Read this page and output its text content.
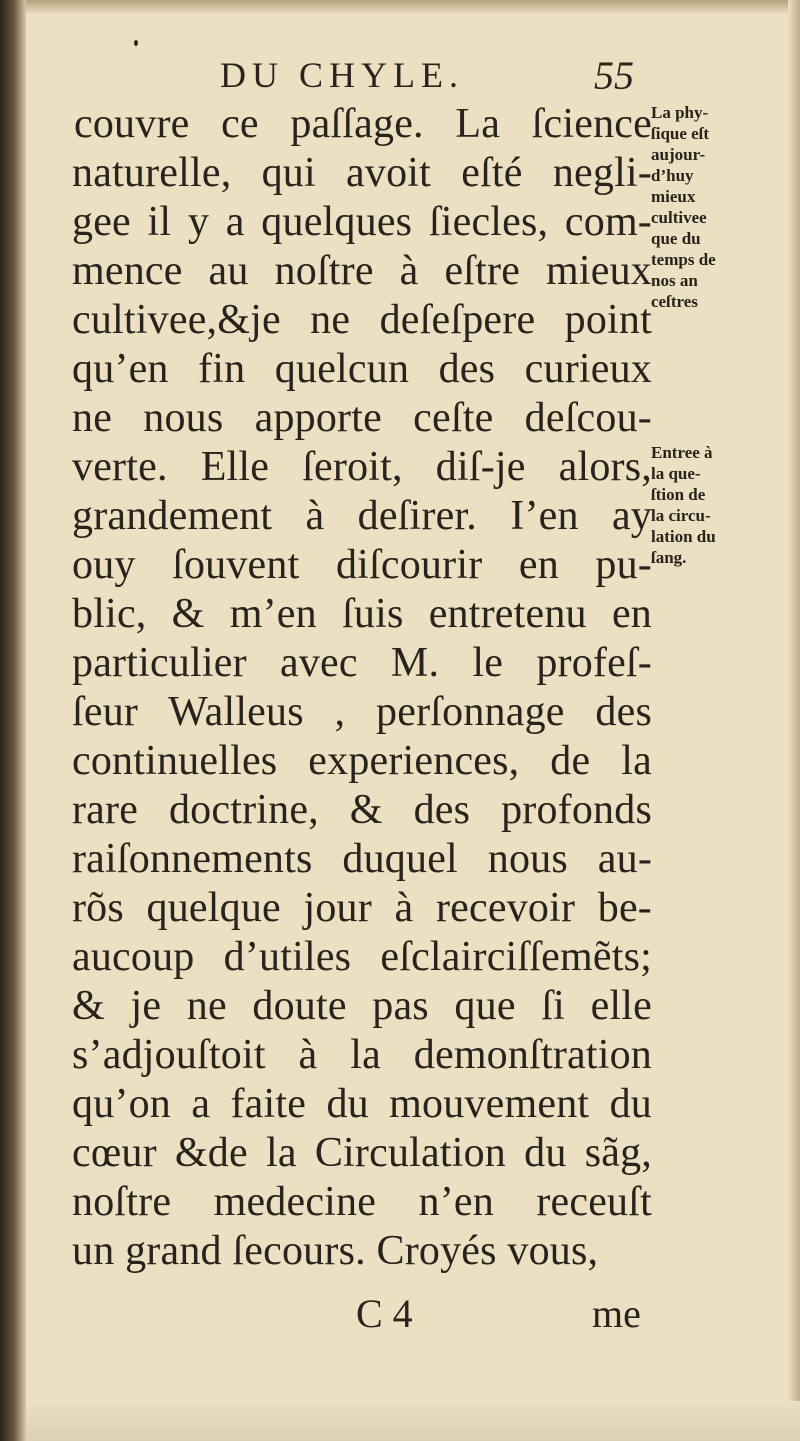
DU CHYLE.	55
couvre ce paſſage. La ſcience
naturelle, qui avoit eſté negli-
gee il y a quelques ſiecles, com-
mence au noſtre à eſtre mieux
cultivee,&je ne deſeſpere point
qu’en fin quelcun des curieux
ne nous apporte ceſte deſcou-
verte. Elle ſeroit, diſ-je alors,
grandement à deſirer. I’en ay
ouy ſouvent diſcourir en pu-
blic, & m’en ſuis entretenu en
particulier avec M. le profeſ-
ſeur Walleus , perſonnage des
continuelles experiences, de la
rare doctrine, & des profonds
raiſonnements duquel nous au-
rõs quelque jour à recevoir be-
aucoup d’utiles eſclairciſſemẽts;
& je ne doute pas que ſi elle
s’adjouſtoit à la demonſtration
qu’on a faite du mouvement du
cœur &de la Circulation du sãg,
noſtre medecine n’en receuſt
un grand ſecours. Croyés vous,
La phy-
ſique eſt
aujour-
d’huy
mieux
cultivee
que du
temps de
nos an
ceſtres
Entree à
la que-
ſtion de
la circu-
lation du
ſang.
C 4	me
